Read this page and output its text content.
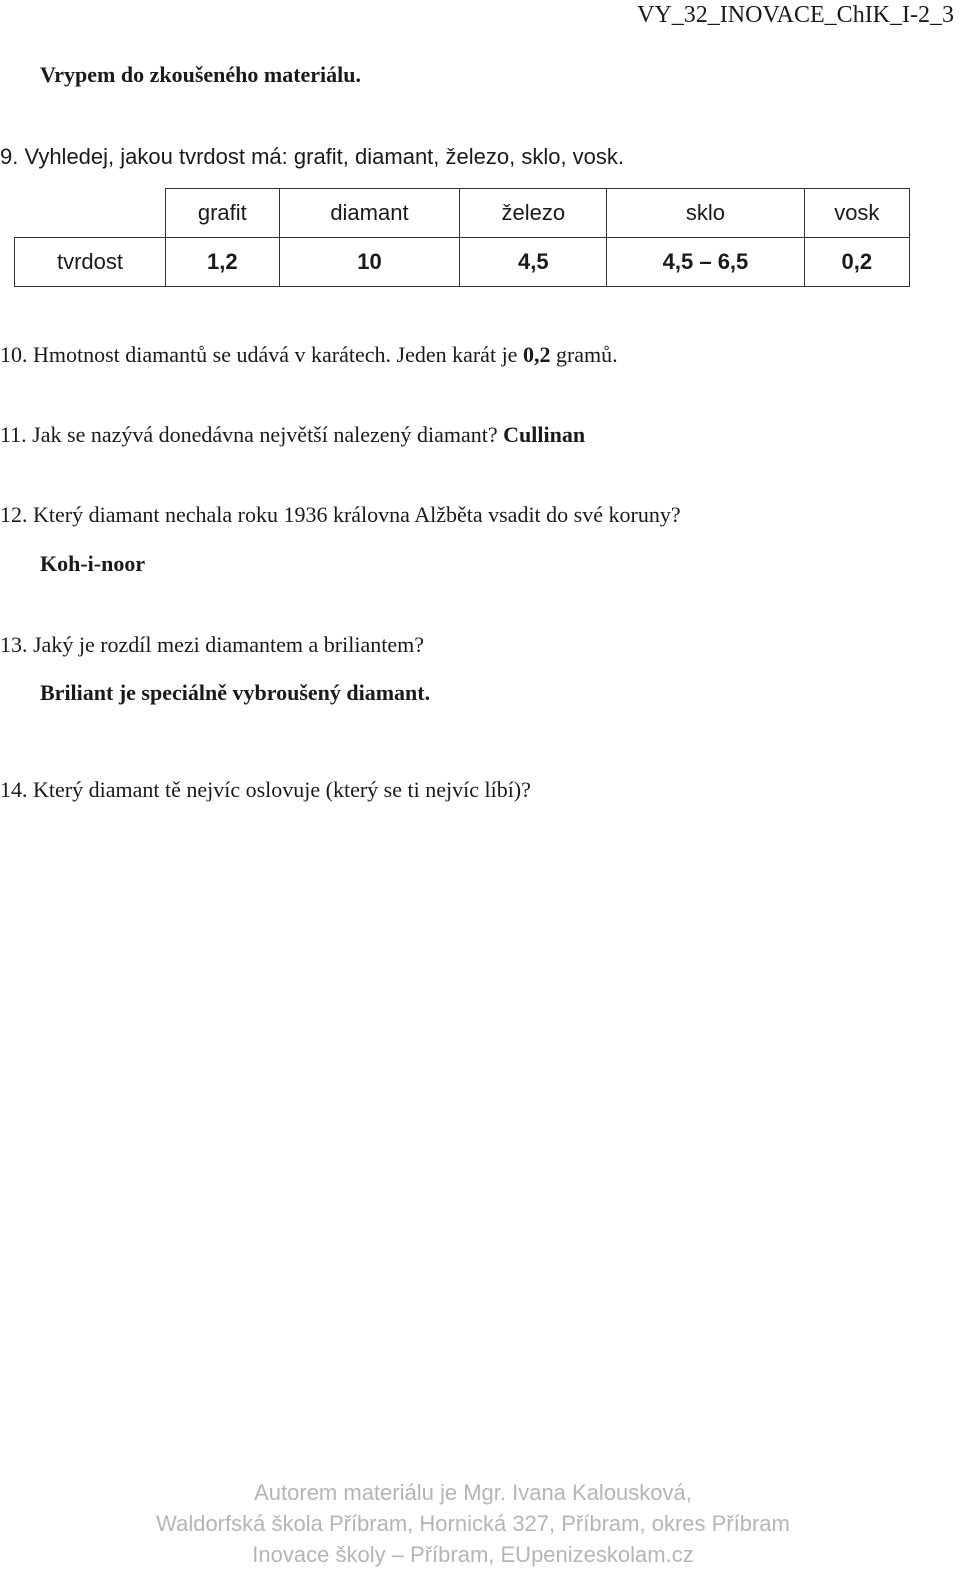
VY_32_INOVACE_ChIK_I-2_3
Vrypem do zkoušeného materiálu.
9. Vyhledej, jakou tvrdost má: grafit, diamant, železo, sklo, vosk.
	grafit	diamant	železo	sklo	vosk
tvrdost	1,2	10	4,5	4,5 – 6,5	0,2
10. Hmotnost diamantů se udává v karátech. Jeden karát je 0,2 gramů.
11. Jak se nazývá donedávna největší nalezený diamant? Cullinan
12. Který diamant nechala roku 1936 královna Alžběta vsadit do své koruny?
Koh-i-noor
13. Jaký je rozdíl mezi diamantem a briliantem?
Briliant je speciálně vybroušený diamant.
14. Který diamant tě nejvíc oslovuje (který se ti nejvíc líbí)?
Autorem materiálu je Mgr. Ivana Kalousková,
Waldorfská škola Příbram, Hornická 327, Příbram, okres Příbram
Inovace školy – Příbram, EUpenizeskolam.cz
